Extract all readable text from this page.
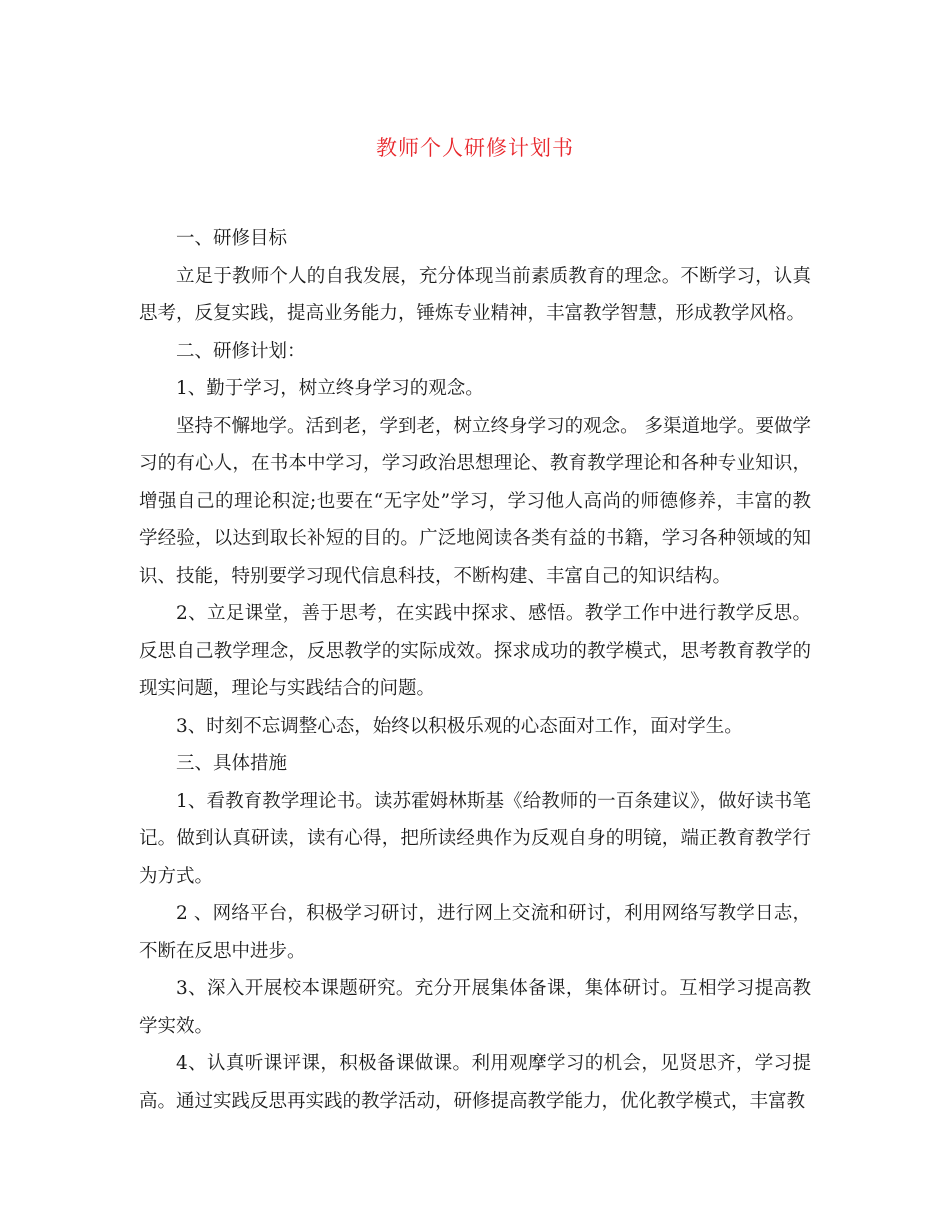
教师个人研修计划书

一、研修目标

立足于教师个人的自我发展，充分体现当前素质教育的理念。不断学习，认真思考，反复实践，提高业务能力，锤炼专业精神，丰富教学智慧，形成教学风格。

二、研修计划：

1、勤于学习，树立终身学习的观念。

坚持不懈地学。活到老，学到老，树立终身学习的观念。 多渠道地学。要做学习的有心人，在书本中学习，学习政治思想理论、教育教学理论和各种专业知识，增强自己的理论积淀;也要在“无字处”学习，学习他人高尚的师德修养，丰富的教学经验，以达到取长补短的目的。广泛地阅读各类有益的书籍，学习各种领域的知识、技能，特别要学习现代信息科技，不断构建、丰富自己的知识结构。

2、立足课堂，善于思考，在实践中探求、感悟。教学工作中进行教学反思。反思自己教学理念，反思教学的实际成效。探求成功的教学模式，思考教育教学的现实问题，理论与实践结合的问题。

3、时刻不忘调整心态，始终以积极乐观的心态面对工作，面对学生。

三、具体措施

1、看教育教学理论书。读苏霍姆林斯基《给教师的一百条建议》，做好读书笔记。做到认真研读，读有心得，把所读经典作为反观自身的明镜，端正教育教学行为方式。

2 、网络平台，积极学习研讨，进行网上交流和研讨，利用网络写教学日志，不断在反思中进步。

3、深入开展校本课题研究。充分开展集体备课，集体研讨。互相学习提高教学实效。

4、认真听课评课，积极备课做课。利用观摩学习的机会，见贤思齐，学习提高。通过实践反思再实践的教学活动，研修提高教学能力，优化教学模式，丰富教
